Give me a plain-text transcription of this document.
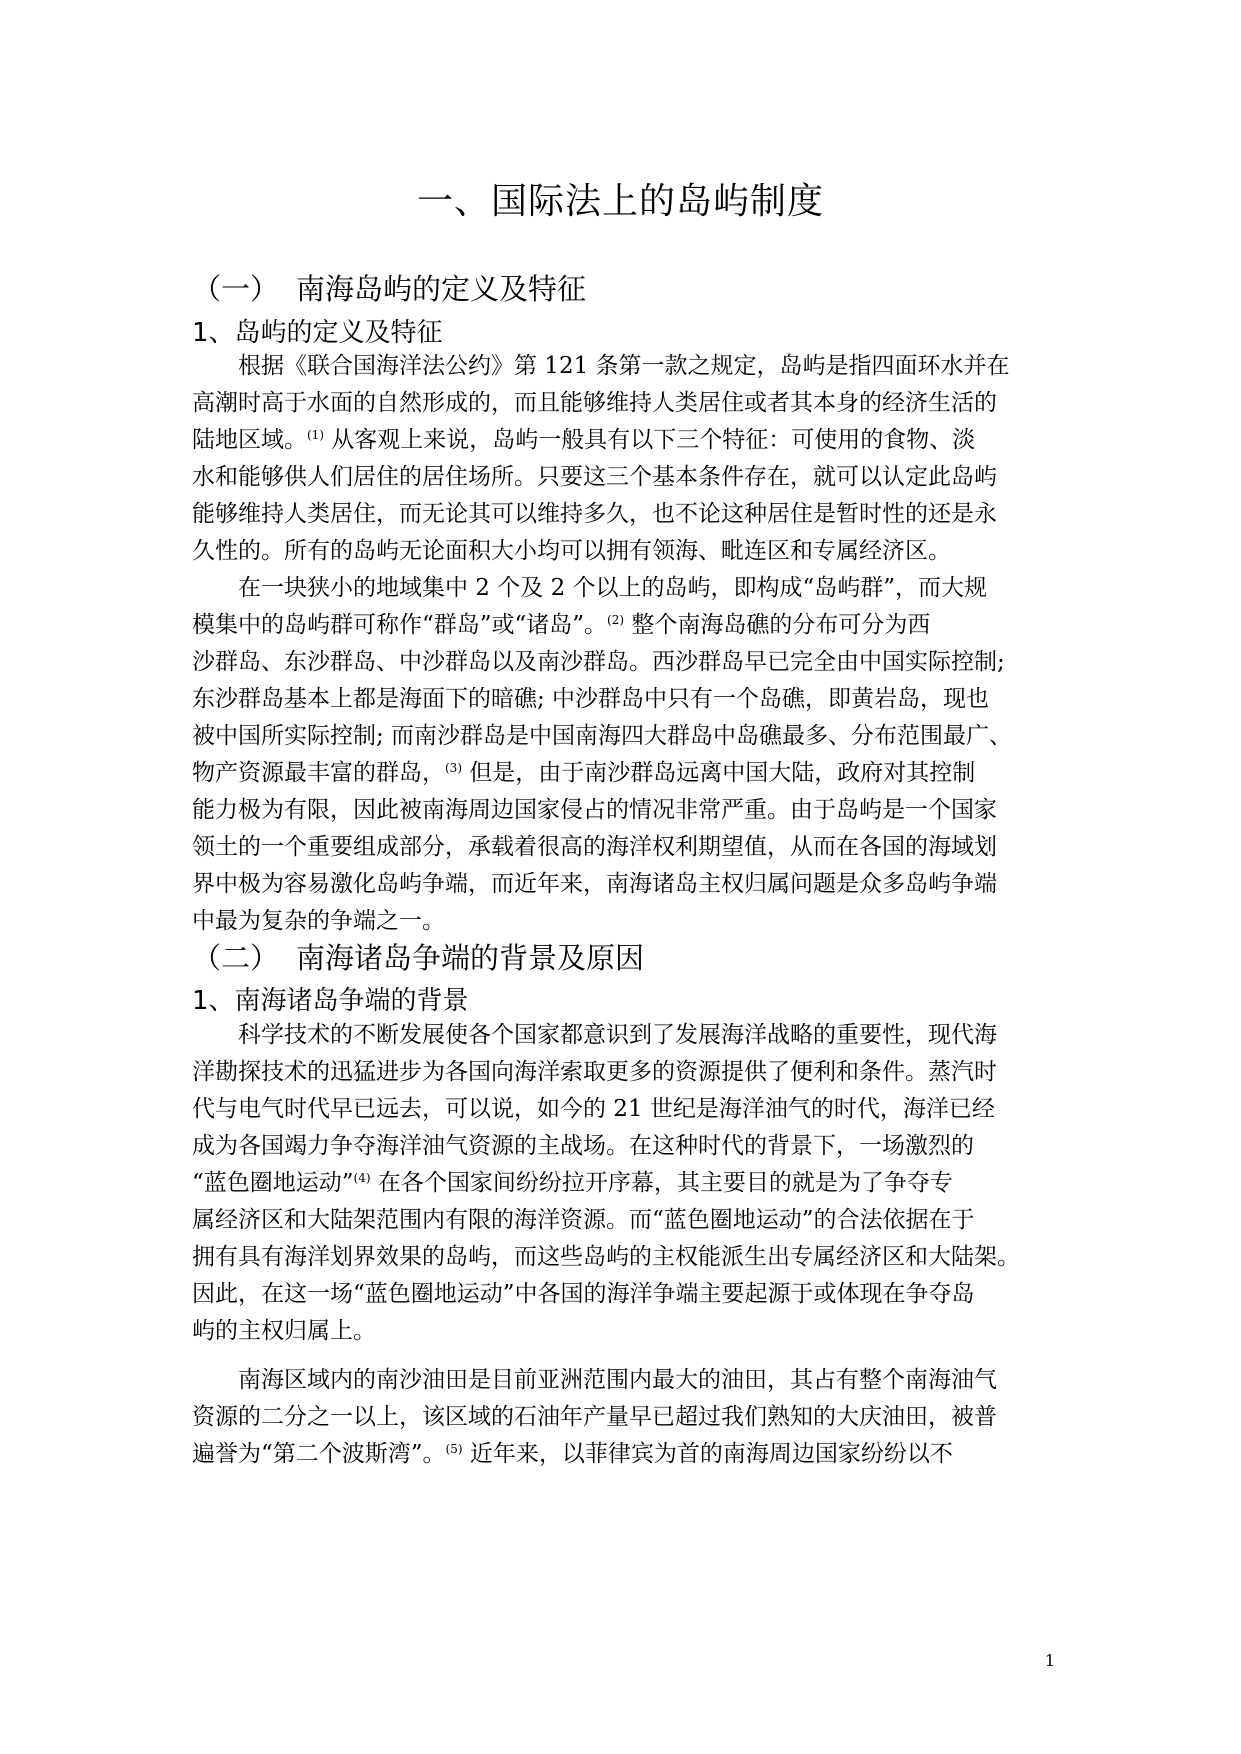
一、国际法上的岛屿制度
（一） 南海岛屿的定义及特征
1、岛屿的定义及特征
根据《联合国海洋法公约》第 121 条第一款之规定，岛屿是指四面环水并在
高潮时高于水面的自然形成的，而且能够维持人类居住或者其本身的经济生活的
陆地区域。$^{(1)}$ 从客观上来说，岛屿一般具有以下三个特征：可使用的食物、淡
水和能够供人们居住的居住场所。只要这三个基本条件存在，就可以认定此岛屿
能够维持人类居住，而无论其可以维持多久，也不论这种居住是暂时性的还是永
久性的。所有的岛屿无论面积大小均可以拥有领海、毗连区和专属经济区。
在一块狭小的地域集中 2 个及 2 个以上的岛屿，即构成“岛屿群”，而大规
模集中的岛屿群可称作“群岛”或“诸岛”。$^{(2)}$ 整个南海岛礁的分布可分为西
沙群岛、东沙群岛、中沙群岛以及南沙群岛。西沙群岛早已完全由中国实际控制;
东沙群岛基本上都是海面下的暗礁; 中沙群岛中只有一个岛礁，即黄岩岛，现也
被中国所实际控制; 而南沙群岛是中国南海四大群岛中岛礁最多、分布范围最广、
物产资源最丰富的群岛，$^{(3)}$ 但是，由于南沙群岛远离中国大陆，政府对其控制
能力极为有限，因此被南海周边国家侵占的情况非常严重。由于岛屿是一个国家
领土的一个重要组成部分，承载着很高的海洋权利期望值，从而在各国的海域划
界中极为容易激化岛屿争端，而近年来，南海诸岛主权归属问题是众多岛屿争端
中最为复杂的争端之一。
（二） 南海诸岛争端的背景及原因
1、南海诸岛争端的背景
科学技术的不断发展使各个国家都意识到了发展海洋战略的重要性，现代海
洋勘探技术的迅猛进步为各国向海洋索取更多的资源提供了便利和条件。蒸汽时
代与电气时代早已远去，可以说，如今的 21 世纪是海洋油气的时代，海洋已经
成为各国竭力争夺海洋油气资源的主战场。在这种时代的背景下，一场激烈的
“蓝色圈地运动”$^{(4)}$ 在各个国家间纷纷拉开序幕，其主要目的就是为了争夺专
属经济区和大陆架范围内有限的海洋资源。而“蓝色圈地运动”的合法依据在于
拥有具有海洋划界效果的岛屿，而这些岛屿的主权能派生出专属经济区和大陆架。
因此，在这一场“蓝色圈地运动”中各国的海洋争端主要起源于或体现在争夺岛
屿的主权归属上。
南海区域内的南沙油田是目前亚洲范围内最大的油田，其占有整个南海油气
资源的二分之一以上，该区域的石油年产量早已超过我们熟知的大庆油田，被普
遍誉为“第二个波斯湾”。$^{(5)}$ 近年来，以菲律宾为首的南海周边国家纷纷以不
1
